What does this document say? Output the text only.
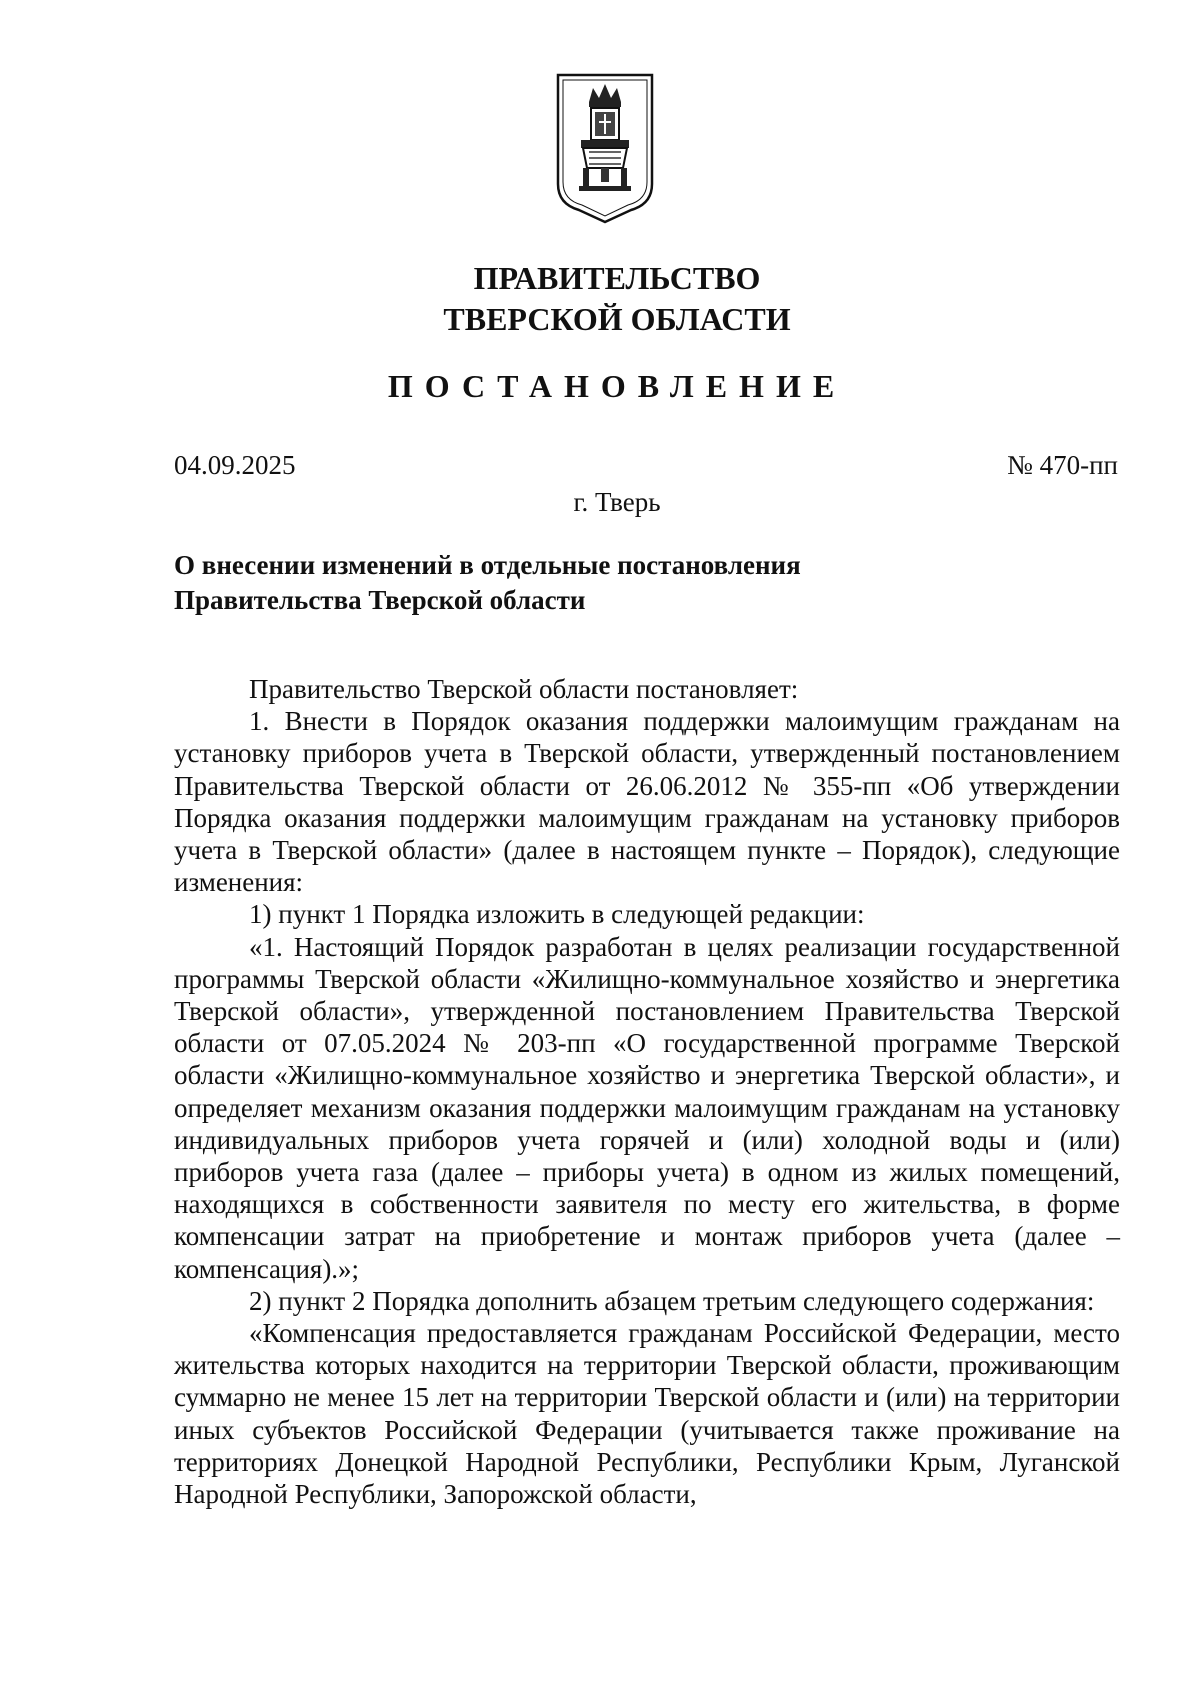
ПРАВИТЕЛЬСТВО
ТВЕРСКОЙ ОБЛАСТИ
ПОСТАНОВЛЕНИЕ
04.09.2025	№ 470-пп
г. Тверь
О внесении изменений в отдельные постановления
Правительства Тверской области

Правительство Тверской области постановляет:

1. Внести в Порядок оказания поддержки малоимущим гражданам на установку приборов учета в Тверской области, утвержденный постановлением Правительства Тверской области от 26.06.2012 № 355-пп «Об утверждении Порядка оказания поддержки малоимущим гражданам на установку приборов учета в Тверской области» (далее в настоящем пункте – Порядок), следующие изменения:

1) пункт 1 Порядка изложить в следующей редакции:

«1. Настоящий Порядок разработан в целях реализации государственной программы Тверской области «Жилищно-коммунальное хозяйство и энергетика Тверской области», утвержденной постановлением Правительства Тверской области от 07.05.2024 № 203-пп «О государственной программе Тверской области «Жилищно-коммунальное хозяйство и энергетика Тверской области», и определяет механизм оказания поддержки малоимущим гражданам на установку индивидуальных приборов учета горячей и (или) холодной воды и (или) приборов учета газа (далее – приборы учета) в одном из жилых помещений, находящихся в собственности заявителя по месту его жительства, в форме компенсации затрат на приобретение и монтаж приборов учета (далее – компенсация).»;

2) пункт 2 Порядка дополнить абзацем третьим следующего содержания:

«Компенсация предоставляется гражданам Российской Федерации, место жительства которых находится на территории Тверской области, проживающим суммарно не менее 15 лет на территории Тверской области и (или) на территории иных субъектов Российской Федерации (учитывается также проживание на территориях Донецкой Народной Республики, Республики Крым, Луганской Народной Республики, Запорожской области,
